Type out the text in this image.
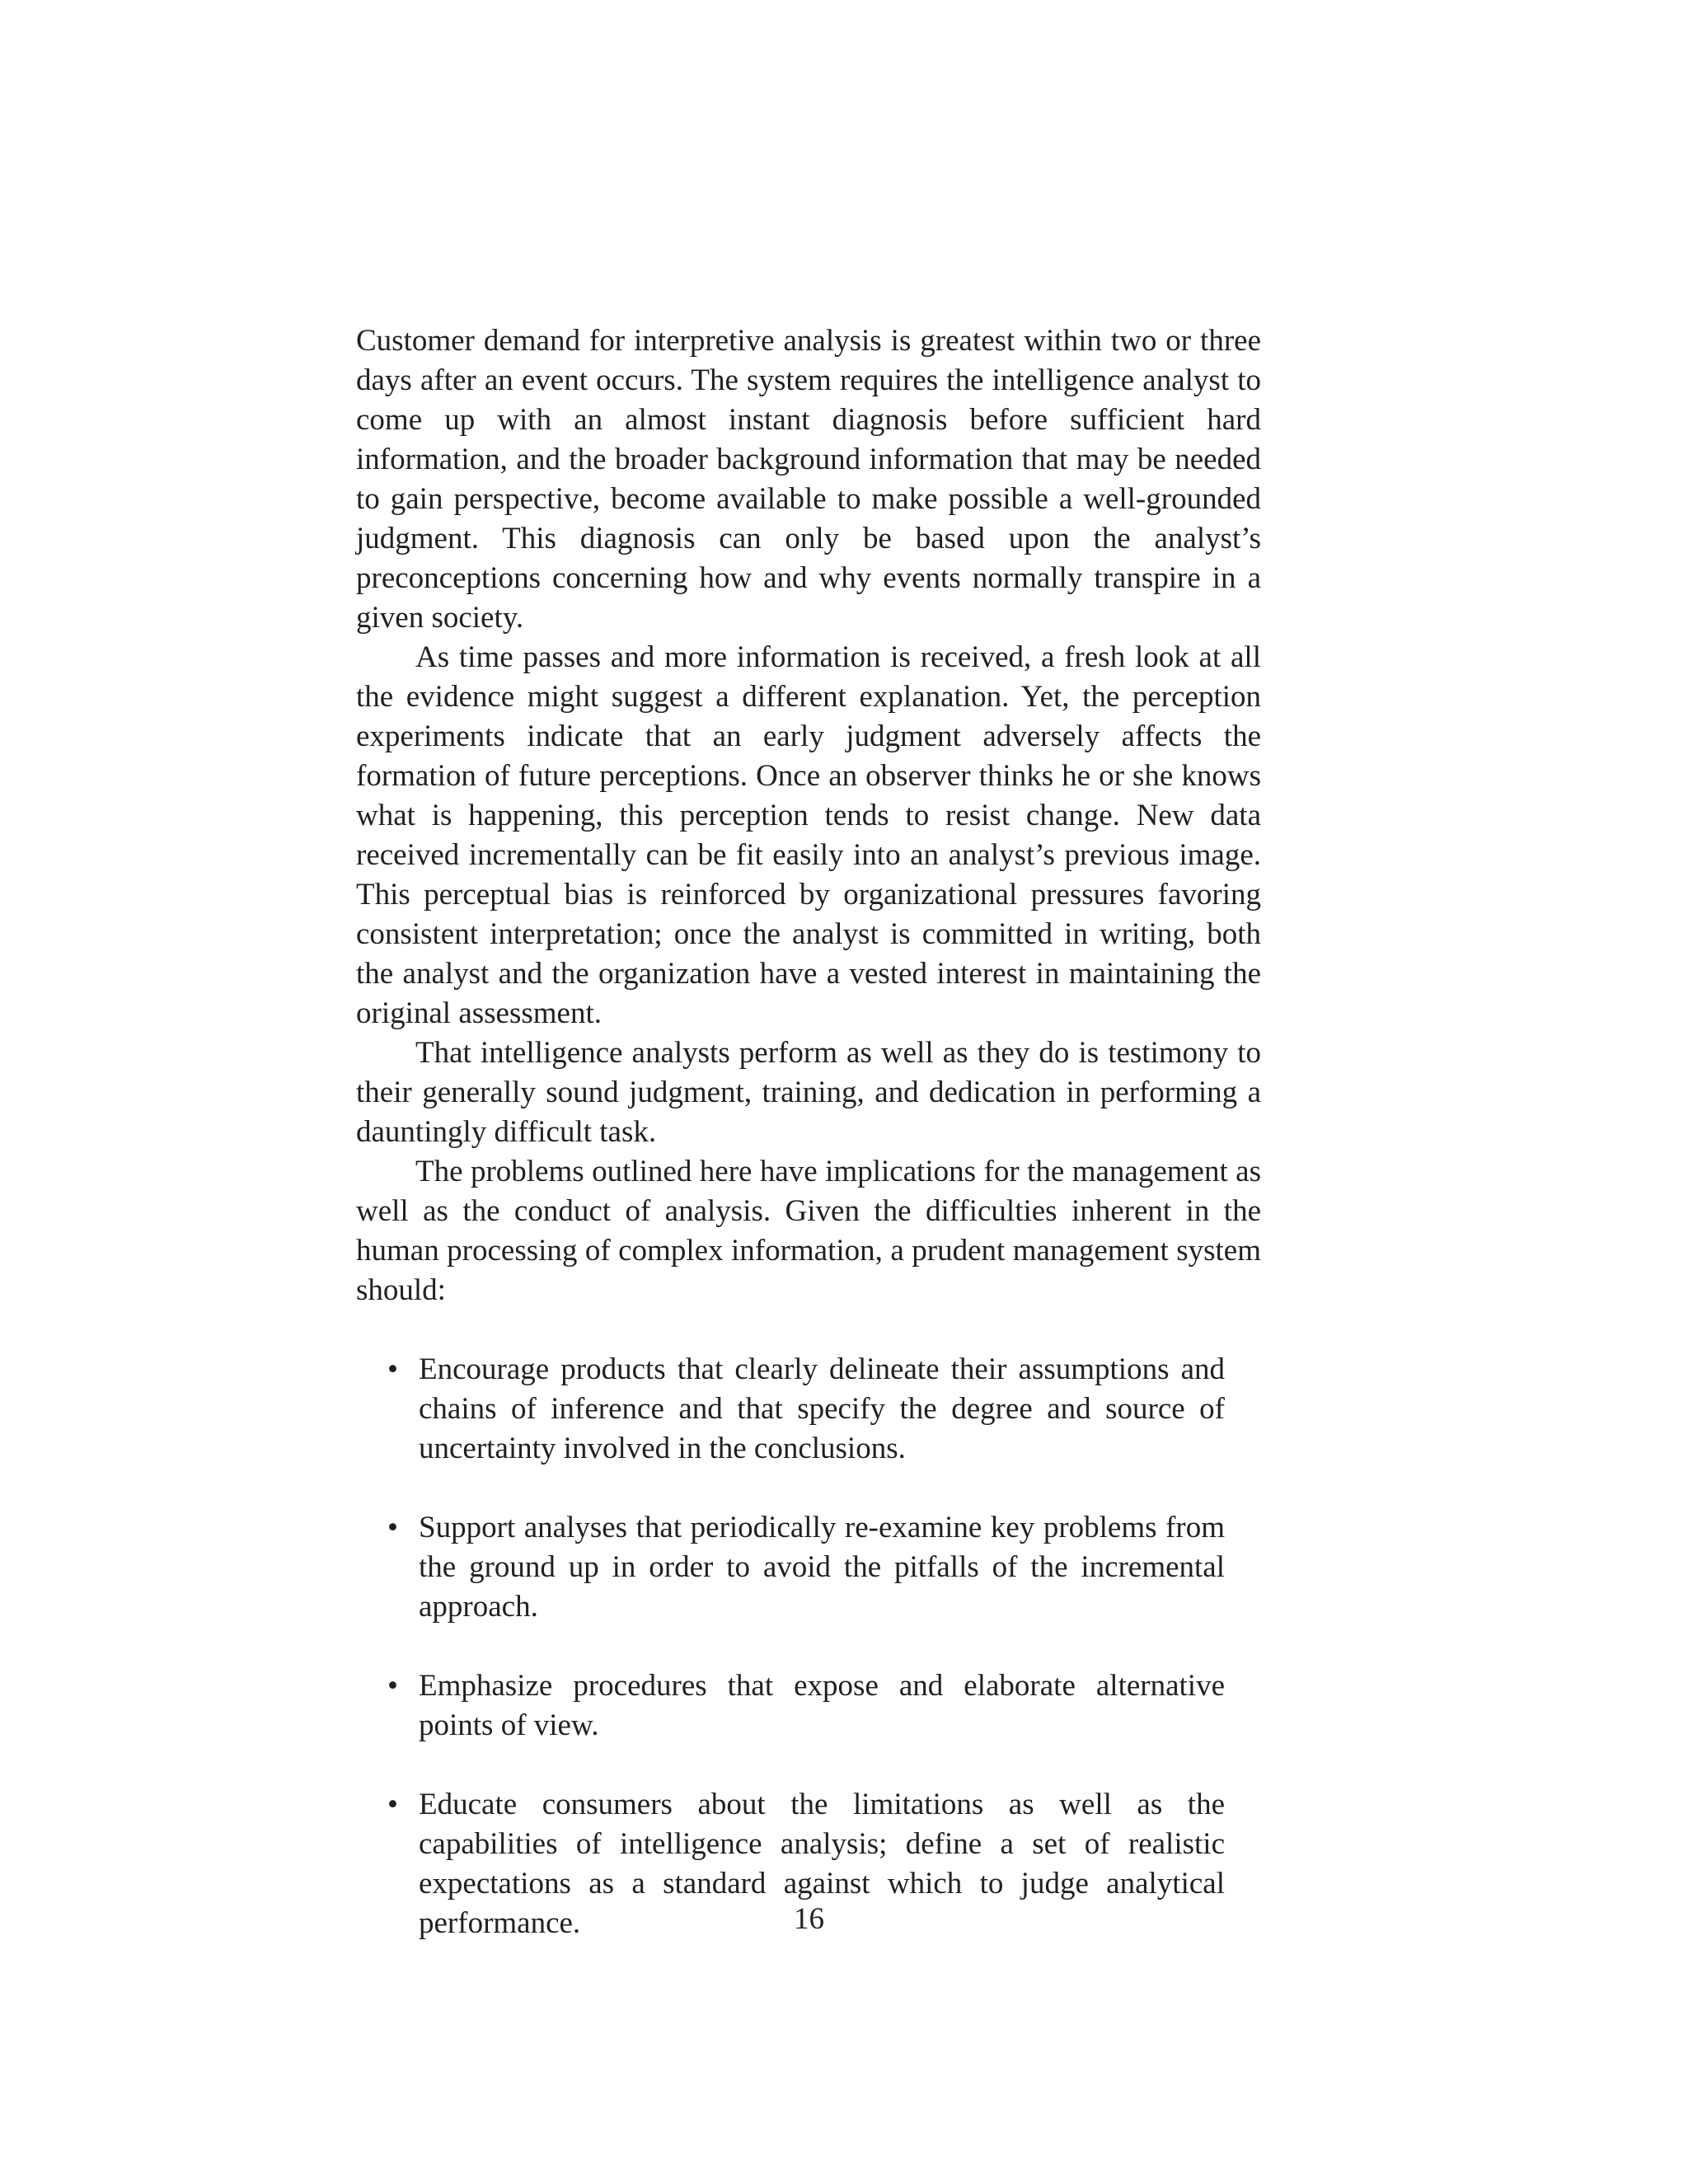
Customer demand for interpretive analysis is greatest within two or three days after an event occurs. The system requires the intelligence analyst to come up with an almost instant diagnosis before sufficient hard information, and the broader background information that may be needed to gain perspective, become available to make possible a well-grounded judgment. This diagnosis can only be based upon the analyst’s preconceptions concerning how and why events normally transpire in a given society.

As time passes and more information is received, a fresh look at all the evidence might suggest a different explanation. Yet, the perception experiments indicate that an early judgment adversely affects the formation of future perceptions. Once an observer thinks he or she knows what is happening, this perception tends to resist change. New data received incrementally can be fit easily into an analyst’s previous image. This perceptual bias is reinforced by organizational pressures favoring consistent interpretation; once the analyst is committed in writing, both the analyst and the organization have a vested interest in maintaining the original assessment.

That intelligence analysts perform as well as they do is testimony to their generally sound judgment, training, and dedication in performing a dauntingly difficult task.

The problems outlined here have implications for the management as well as the conduct of analysis. Given the difficulties inherent in the human processing of complex information, a prudent management system should:

• Encourage products that clearly delineate their assumptions and chains of inference and that specify the degree and source of uncertainty involved in the conclusions.
• Support analyses that periodically re-examine key problems from the ground up in order to avoid the pitfalls of the incremental approach.
• Emphasize procedures that expose and elaborate alternative points of view.
• Educate consumers about the limitations as well as the capabilities of intelligence analysis; define a set of realistic expectations as a standard against which to judge analytical performance.	16
